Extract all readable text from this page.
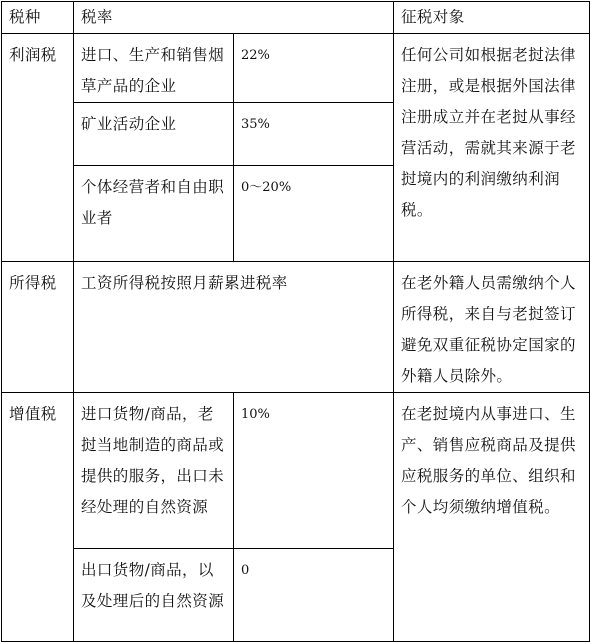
税种	税率		征税对象
利润税	进口、生产和销售烟草产品的企业	22%	任何公司如根据老挝法律注册，或是根据外国法律注册成立并在老挝从事经营活动，需就其来源于老挝境内的利润缴纳利润税。
	矿业活动企业	35%	
	个体经营者和自由职业者	0～20%	
所得税	工资所得税按照月薪累进税率		在老外籍人员需缴纳个人所得税，来自与老挝签订避免双重征税协定国家的外籍人员除外。
增值税	进口货物/商品，老挝当地制造的商品或提供的服务，出口未经处理的自然资源	10%	在老挝境内从事进口、生产、销售应税商品及提供应税服务的单位、组织和个人均须缴纳增值税。
	出口货物/商品，以及处理后的自然资源	0	
